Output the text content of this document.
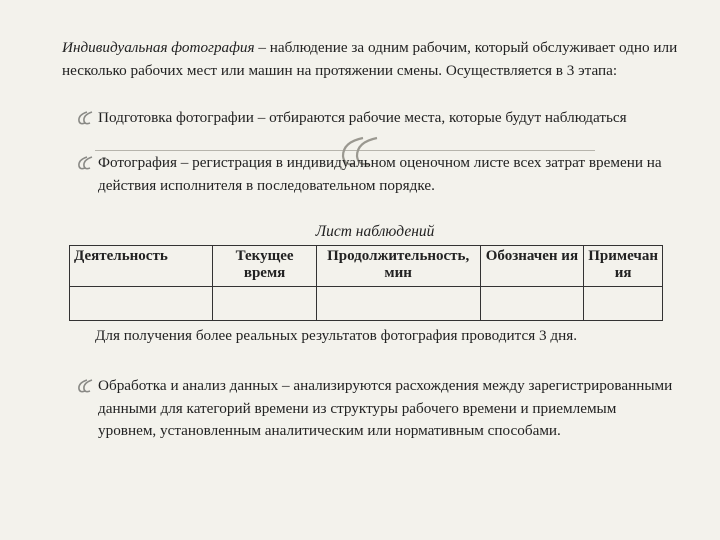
Индивидуальная фотография – наблюдение за одним рабочим, который обслуживает одно или несколько рабочих мест или машин на протяжении смены. Осуществляется в 3 этапа:
Подготовка фотографии – отбираются рабочие места, которые будут наблюдаться
Фотография – регистрация в индивидуальном оценочном листе всех затрат времени на действия исполнителя в последовательном порядке.
Лист наблюдений
Деятельность	Текущее время	Продолжительность, мин	Обозначен ия	Примечан ия

Для получения более реальных результатов фотография проводится 3 дня.
Обработка и анализ данных – анализируются расхождения между зарегистрированными данными для категорий времени из структуры рабочего времени и приемлемым уровнем, установленным аналитическим или нормативным способами.
